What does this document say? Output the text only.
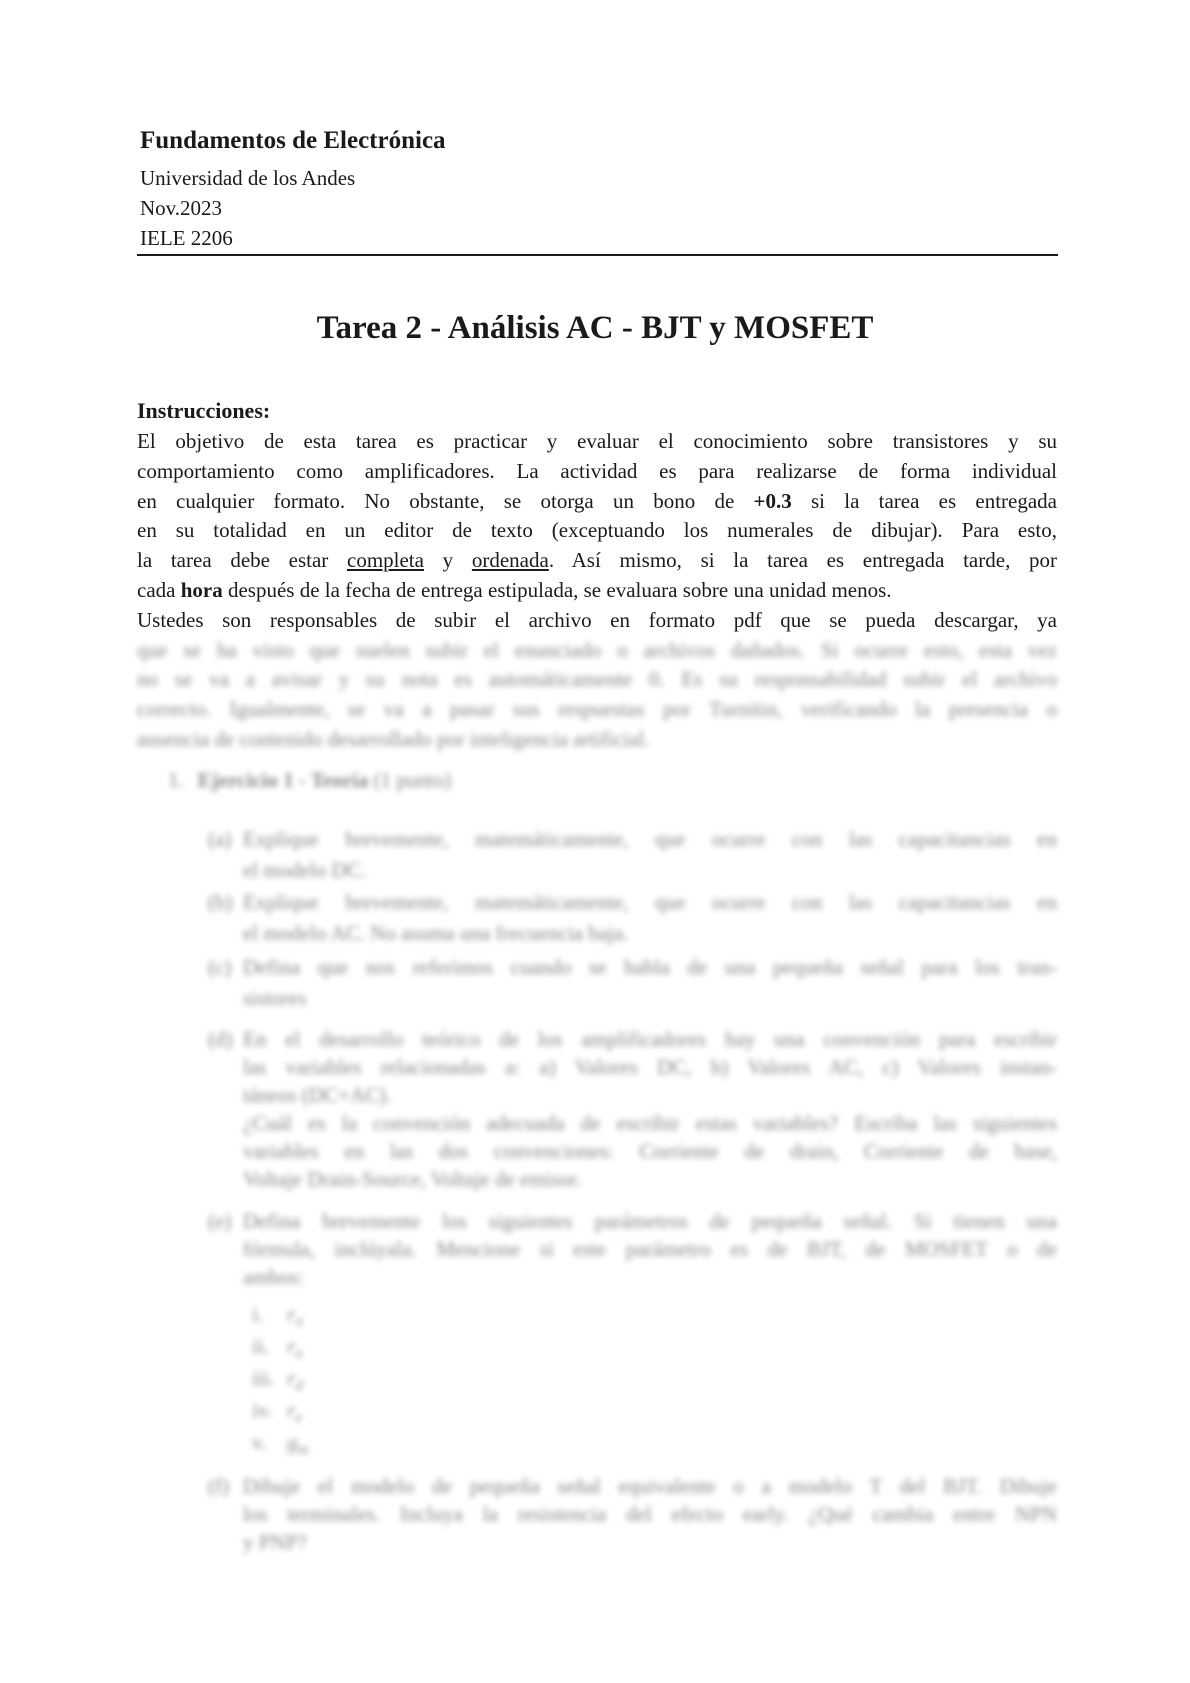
Fundamentos de Electrónica
Universidad de los Andes
Nov.2023
IELE 2206
Tarea 2 - Análisis AC - BJT y MOSFET
Instrucciones:
El objetivo de esta tarea es practicar y evaluar el conocimiento sobre transistores y su
comportamiento como amplificadores. La actividad es para realizarse de forma individual
en cualquier formato. No obstante, se otorga un bono de +0.3 si la tarea es entregada
en su totalidad en un editor de texto (exceptuando los numerales de dibujar). Para esto,
la tarea debe estar completa y ordenada. Así mismo, si la tarea es entregada tarde, por
cada hora después de la fecha de entrega estipulada, se evaluara sobre una unidad menos.
Ustedes son responsables de subir el archivo en formato pdf que se pueda descargar, ya
que se ha visto que suelen subir el enunciado o archivos dañados. Si ocurre esto, esta vez
no se va a avisar y su nota es automáticamente 0. Es su responsabilidad subir el archivo
correcto. Igualmente, se va a pasar sus respuestas por Turnitin, verificando la presencia o
ausencia de contenido desarrollado por inteligencia artificial.
1. Ejercicio 1 - Teoría (1 punto)
(a) Explique brevemente, matemáticamente, que ocurre con las capacitancias en
el modelo DC.
(b) Explique brevemente, matemáticamente, que ocurre con las capacitancias en
el modelo AC. No asuma una frecuencia baja.
(c) Defina que nos referimos cuando se habla de una pequeña señal para los tran-
sistores
(d) En el desarrollo teórico de los amplificadores hay una convención para escribir
las variables relacionadas a: a) Valores DC, b) Valores AC, c) Valores instan-
táneos (DC+AC).
¿Cuál es la convención adecuada de escribir estas variables? Escriba las siguientes
variables en las dos convenciones: Corriente de drain, Corriente de base,
Voltaje Drain-Source, Voltaje de emisor.
(e) Defina brevemente los siguientes parámetros de pequeña señal. Si tienen una
fórmula, inclúyala. Mencione si este parámetro es de BJT, de MOSFET o de
ambos:
i. $r_\pi$
ii. $r_o$
iii. $r_d$
iv. $r_e$
v. $g_m$
(f) Dibuje el modelo de pequeña señal equivalente o a modelo T del BJT. Dibuje
los terminales. Incluya la resistencia del efecto early. ¿Qué cambia entre NPN
y PNP?
